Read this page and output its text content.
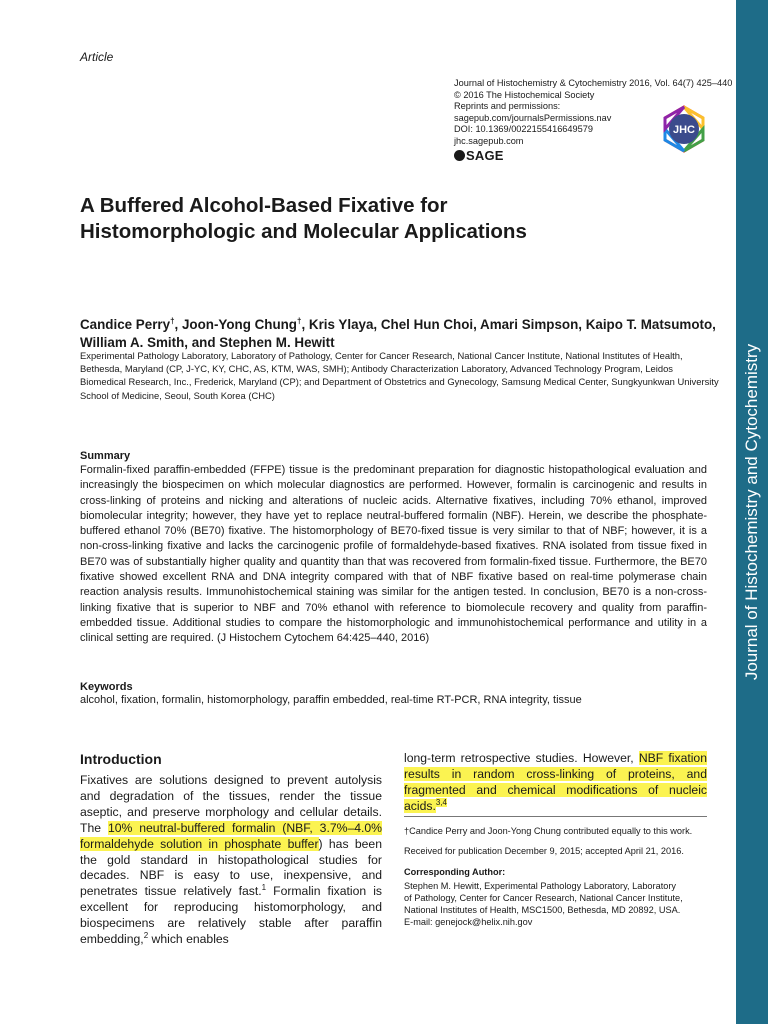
Journal of Histochemistry and Cytochemistry
Article
Journal of Histochemistry & Cytochemistry 2016, Vol. 64(7) 425–440
© 2016 The Histochemical Society
Reprints and permissions:
sagepub.com/journalsPermissions.nav
DOI: 10.1369/0022155416649579
jhc.sagepub.com
SAGE
JHC
A Buffered Alcohol-Based Fixative for Histomorphologic and Molecular Applications
Candice Perry†, Joon-Yong Chung†, Kris Ylaya, Chel Hun Choi, Amari Simpson, Kaipo T. Matsumoto, William A. Smith, and Stephen M. Hewitt
Experimental Pathology Laboratory, Laboratory of Pathology, Center for Cancer Research, National Cancer Institute, National Institutes of Health, Bethesda, Maryland (CP, J-YC, KY, CHC, AS, KTM, WAS, SMH); Antibody Characterization Laboratory, Advanced Technology Program, Leidos Biomedical Research, Inc., Frederick, Maryland (CP); and Department of Obstetrics and Gynecology, Samsung Medical Center, Sungkyunkwan University School of Medicine, Seoul, South Korea (CHC)
Summary
Formalin-fixed paraffin-embedded (FFPE) tissue is the predominant preparation for diagnostic histopathological evaluation and increasingly the biospecimen on which molecular diagnostics are performed. However, formalin is carcinogenic and results in cross-linking of proteins and nicking and alterations of nucleic acids. Alternative fixatives, including 70% ethanol, improved biomolecular integrity; however, they have yet to replace neutral-buffered formalin (NBF). Herein, we describe the phosphate-buffered ethanol 70% (BE70) fixative. The histomorphology of BE70-fixed tissue is very similar to that of NBF; however, it is a non-cross-linking fixative and lacks the carcinogenic profile of formaldehyde-based fixatives. RNA isolated from tissue fixed in BE70 was of substantially higher quality and quantity than that was recovered from formalin-fixed tissue. Furthermore, the BE70 fixative showed excellent RNA and DNA integrity compared with that of NBF fixative based on real-time polymerase chain reaction analysis results. Immunohistochemical staining was similar for the antigen tested. In conclusion, BE70 is a non-cross-linking fixative that is superior to NBF and 70% ethanol with reference to biomolecule recovery and quality from paraffin-embedded tissue. Additional studies to compare the histomorphologic and immunohistochemical performance and utility in a clinical setting are required. (J Histochem Cytochem 64:425–440, 2016)
Keywords
alcohol, fixation, formalin, histomorphology, paraffin embedded, real-time RT-PCR, RNA integrity, tissue
Introduction
Fixatives are solutions designed to prevent autolysis and degradation of the tissues, render the tissue aseptic, and preserve morphology and cellular details. The 10% neutral-buffered formalin (NBF, 3.7%–4.0% formaldehyde solution in phosphate buffer) has been the gold standard in histopathological studies for decades. NBF is easy to use, inexpensive, and penetrates tissue relatively fast.$^1$ Formalin fixation is excellent for reproducing histomorphology, and biospecimens are relatively stable after paraffin embedding,$^2$ which enables
long-term retrospective studies. However, NBF fixation results in random cross-linking of proteins, and fragmented and chemical modifications of nucleic acids.$^{3,4}$
†Candice Perry and Joon-Yong Chung contributed equally to this work.
Received for publication December 9, 2015; accepted April 21, 2016.
Corresponding Author:
Stephen M. Hewitt, Experimental Pathology Laboratory, Laboratory
of Pathology, Center for Cancer Research, National Cancer Institute,
National Institutes of Health, MSC1500, Bethesda, MD 20892, USA.
E-mail: genejock@helix.nih.gov
